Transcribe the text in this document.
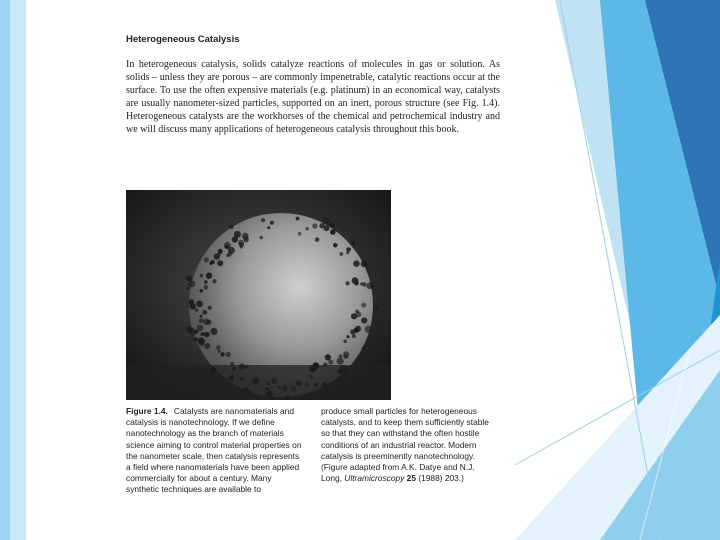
Heterogeneous Catalysis

In heterogeneous catalysis, solids catalyze reactions of molecules in gas or solution. As solids – unless they are porous – are commonly impenetrable, catalytic reactions occur at the surface. To use the often expensive materials (e.g. platinum) in an economical way, catalysts are usually nanometer-sized particles, supported on an inert, porous structure (see Fig. 1.4). Heterogeneous catalysts are the workhorses of the chemical and petrochemical industry and we will discuss many applications of heterogeneous catalysis throughout this book.

Figure 1.4. Catalysts are nanomaterials and catalysis is nanotechnology. If we define nanotechnology as the branch of materials science aiming to control material properties on the nanometer scale, then catalysis represents a field where nanomaterials have been applied commercially for about a century. Many synthetic techniques are available to

produce small particles for heterogeneous catalysts, and to keep them sufficiently stable so that they can withstand the often hostile conditions of an industrial reactor. Modern catalysis is preeminently nanotechnology. (Figure adapted from A.K. Datye and N.J. Long, Ultramicroscopy 25 (1988) 203.)
